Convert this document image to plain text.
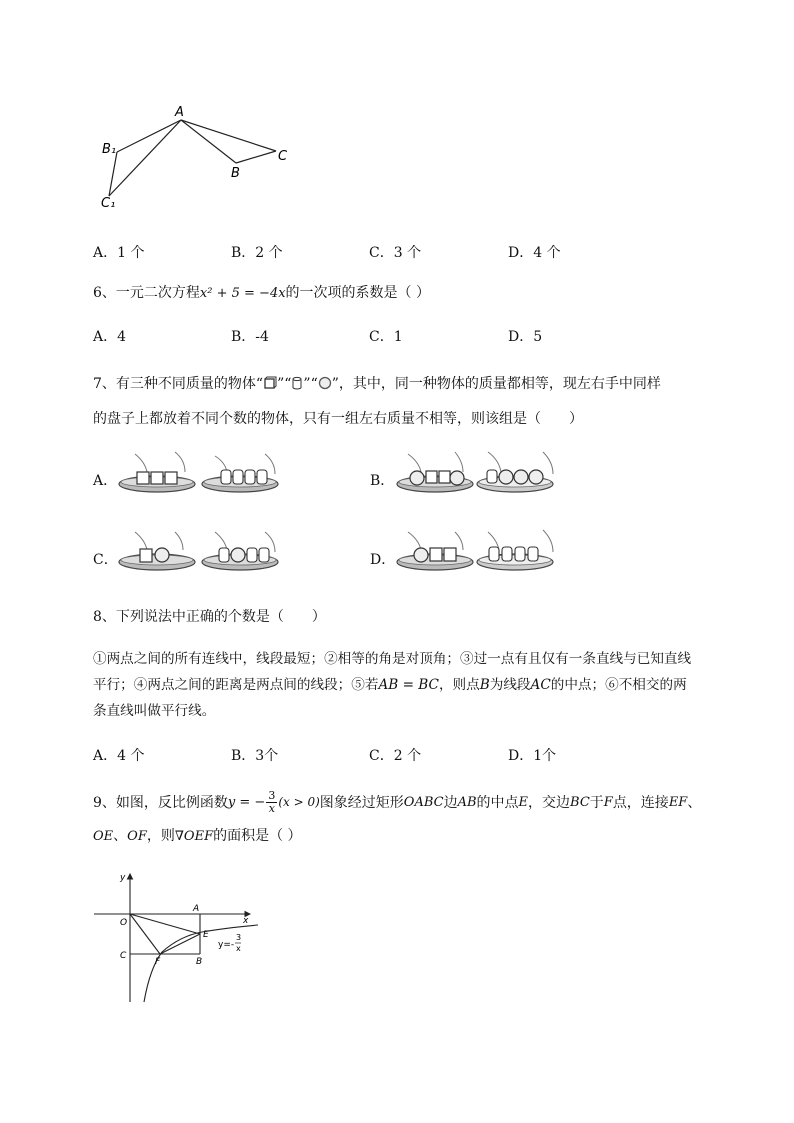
A
B₁	C
B
C₁
A．1 个	B．2 个	C．3 个	D．4 个
6、一元二次方程x² + 5 = −4x的一次项的系数是（ ）
A．4	B．-4	C．1	D．5
7、有三种不同质量的物体“ ”“ ”“ ”，其中，同一种物体的质量都相等，现左右手中同样
的盘子上都放着不同个数的物体，只有一组左右质量不相等，则该组是（　　）
A．	B．
C．	D．
8、下列说法中正确的个数是（　　）
①两点之间的所有连线中，线段最短；②相等的角是对顶角；③过一点有且仅有一条直线与已知直线
平行；④两点之间的距离是两点间的线段；⑤若AB = BC，则点B为线段AC的中点；⑥不相交的两
条直线叫做平行线。
A．4 个	B．3个	C．2 个	D．1个
9、如图，反比例函数 y = − $\frac{3}{x} (x > 0)$ 图象经过矩形 OABC 边 AB 的中点 E ，交边 BC 于 F 点，连接 EF 、
OE、OF，则∇OEF的面积是（ ）
y
x
O
A
E
C
F	B
y=-
3
x
